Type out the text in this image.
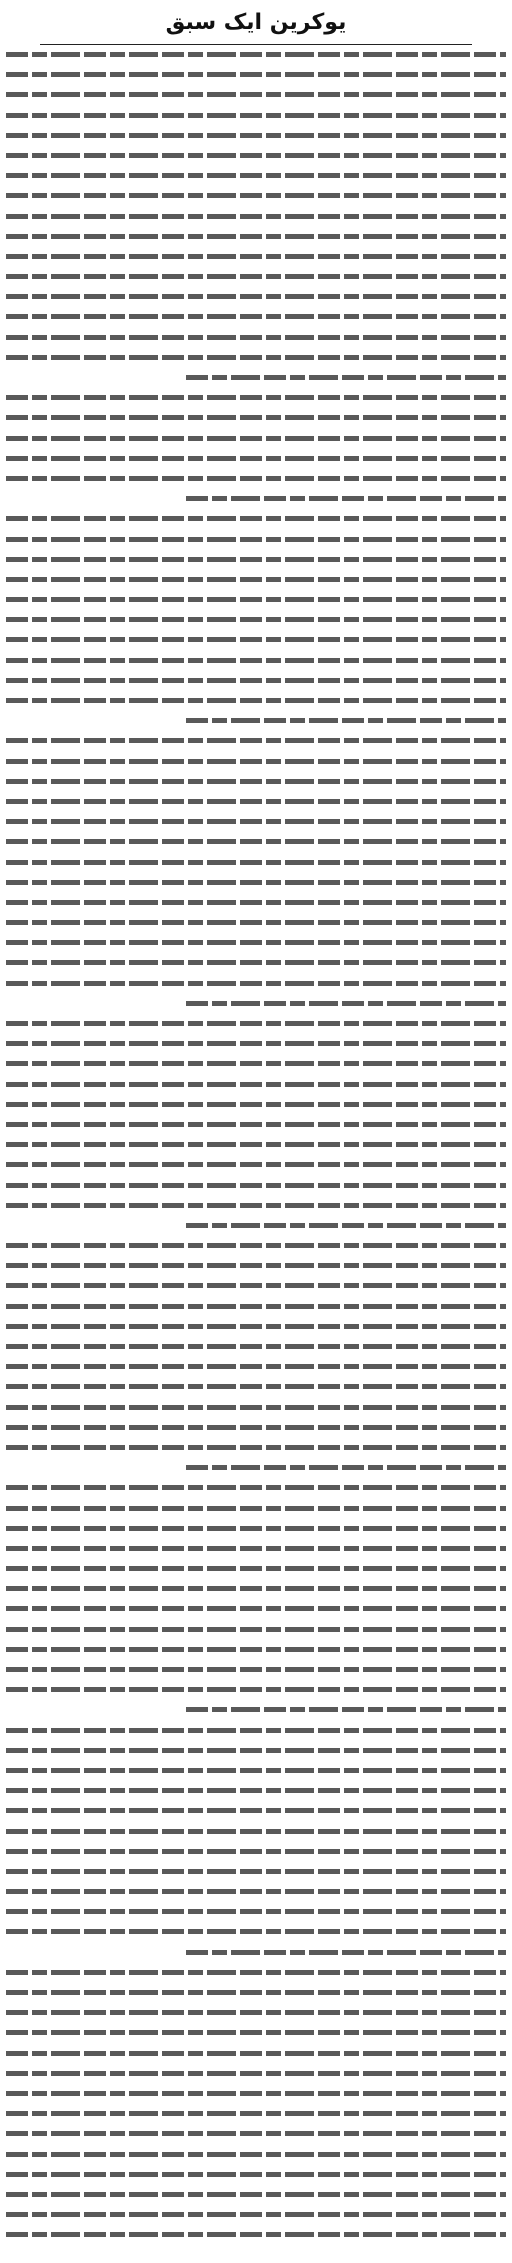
یوکرین ایک سبق
